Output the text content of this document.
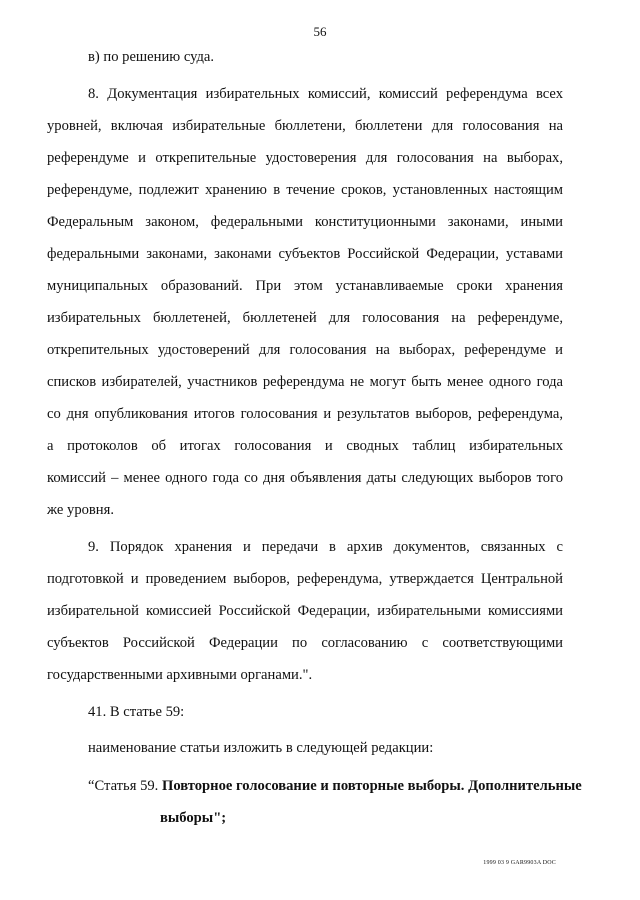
56
в) по решению суда.
8. Документация избирательных комиссий, комиссий референдума всех
уровней, включая избирательные бюллетени, бюллетени для голосования на
референдуме и открепительные удостоверения для голосования на выборах,
референдуме, подлежит хранению в течение сроков, установленных настоящим
Федеральным законом, федеральными конституционными законами, иными
федеральными законами, законами субъектов Российской Федерации, уставами
муниципальных образований. При этом устанавливаемые сроки хранения
избирательных бюллетеней, бюллетеней для голосования на референдуме,
открепительных удостоверений для голосования на выборах, референдуме и
списков избирателей, участников референдума не могут быть менее одного года
со дня опубликования итогов голосования и результатов выборов, референдума,
а протоколов об итогах голосования и сводных таблиц избирательных
комиссий – менее одного года со дня объявления даты следующих выборов того
же уровня.
9. Порядок хранения и передачи в архив документов, связанных с
подготовкой и проведением выборов, референдума, утверждается Центральной
избирательной комиссией Российской Федерации, избирательными комиссиями
субъектов Российской Федерации по согласованию с соответствующими
государственными архивными органами.".
41. В статье 59:
наименование статьи изложить в следующей редакции:
“Статья 59. Повторное голосование и повторные выборы. Дополнительные
выборы";
1999 03 9 GAR9903A DOC
